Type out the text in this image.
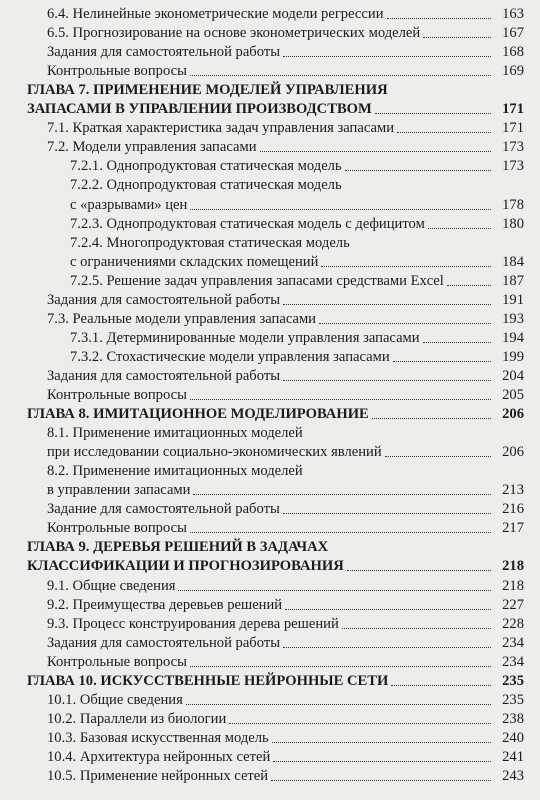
6.4. Нелинейные эконометрические модели регрессии	163
6.5. Прогнозирование на основе эконометрических моделей	167
Задания для самостоятельной работы	168
Контрольные вопросы	169
ГЛАВА 7. ПРИМЕНЕНИЕ МОДЕЛЕЙ УПРАВЛЕНИЯ
ЗАПАСАМИ В УПРАВЛЕНИИ ПРОИЗВОДСТВОМ	171
7.1. Краткая характеристика задач управления запасами	171
7.2. Модели управления запасами	173
7.2.1. Однопродуктовая статическая модель	173
7.2.2. Однопродуктовая статическая модель
с «разрывами» цен	178
7.2.3. Однопродуктовая статическая модель с дефицитом	180
7.2.4. Многопродуктовая статическая модель
с ограничениями складских помещений	184
7.2.5. Решение задач управления запасами средствами Excel	187
Задания для самостоятельной работы	191
7.3. Реальные модели управления запасами	193
7.3.1. Детерминированные модели управления запасами	194
7.3.2. Стохастические модели управления запасами	199
Задания для самостоятельной работы	204
Контрольные вопросы	205
ГЛАВА 8. ИМИТАЦИОННОЕ МОДЕЛИРОВАНИЕ	206
8.1. Применение имитационных моделей
при исследовании социально-экономических явлений	206
8.2. Применение имитационных моделей
в управлении запасами	213
Задание для самостоятельной работы	216
Контрольные вопросы	217
ГЛАВА 9. ДЕРЕВЬЯ РЕШЕНИЙ В ЗАДАЧАХ
КЛАССИФИКАЦИИ И ПРОГНОЗИРОВАНИЯ	218
9.1. Общие сведения	218
9.2. Преимущества деревьев решений	227
9.3. Процесс конструирования дерева решений	228
Задания для самостоятельной работы	234
Контрольные вопросы	234
ГЛАВА 10. ИСКУССТВЕННЫЕ НЕЙРОННЫЕ СЕТИ	235
10.1. Общие сведения	235
10.2. Параллели из биологии	238
10.3. Базовая искусственная модель	240
10.4. Архитектура нейронных сетей	241
10.5. Применение нейронных сетей	243
